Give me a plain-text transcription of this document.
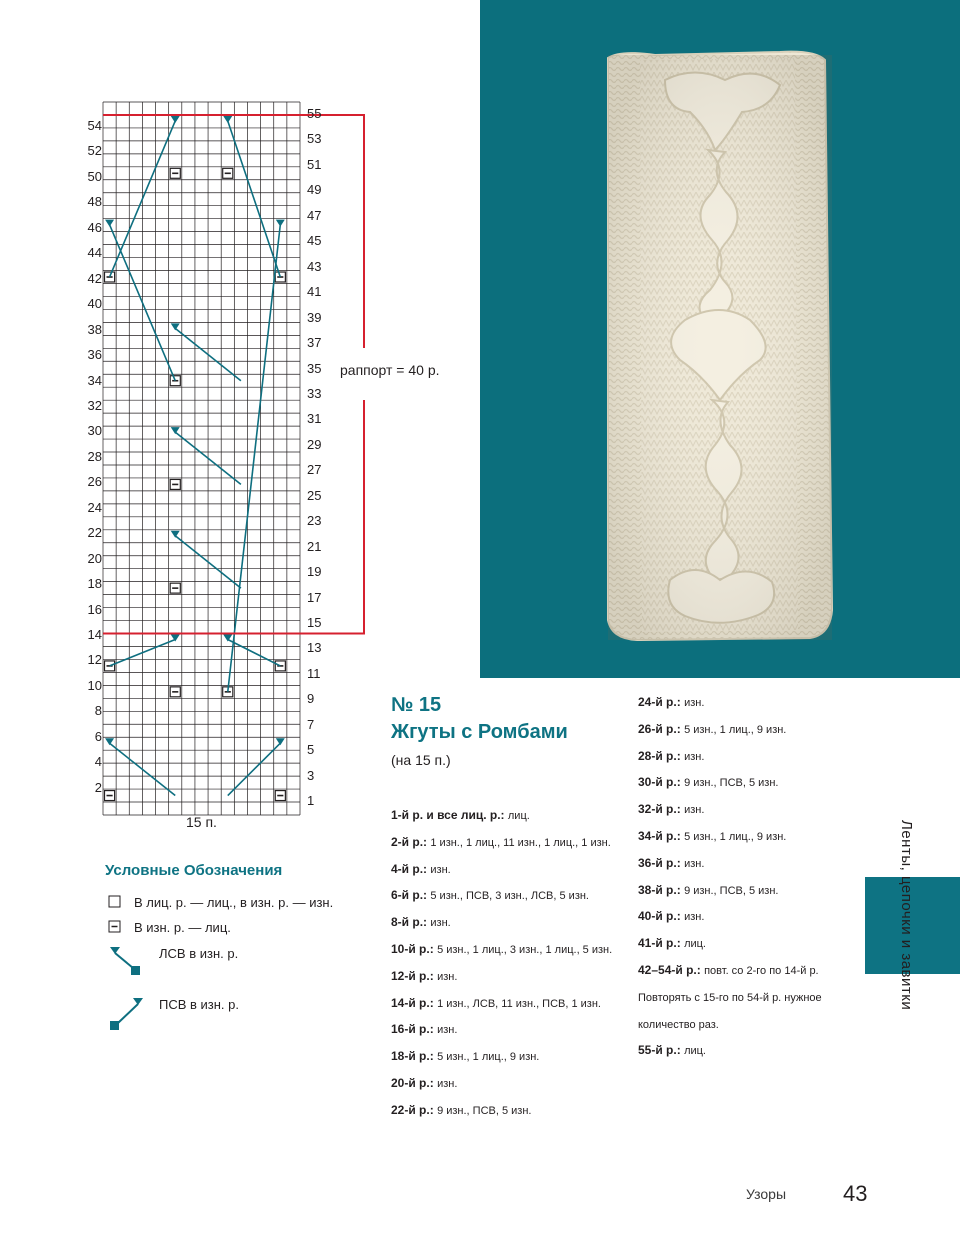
54
52
50
48
46
44
42
40
38
36
34
32
30
28
26
24
22
20
18
16
14
12
10
8
6
4
2
55
53
51
49
47
45
43
41
39
37
35
33
31
29
27
25
23
21
19
17
15
13
11
9
7
5
3
1
раппорт = 40 р.
15 п.
№ 15
Жгуты с Ромбами
(на 15 п.)
1-й р. и все лиц. р.: лиц.
2-й р.: 1 изн., 1 лиц., 11 изн., 1 лиц., 1 изн.
4-й р.: изн.
6-й р.: 5 изн., ПСВ, 3 изн., ЛСВ, 5 изн.
8-й р.: изн.
10-й р.: 5 изн., 1 лиц., 3 изн., 1 лиц., 5 изн.
12-й р.: изн.
14-й р.: 1 изн., ЛСВ, 11 изн., ПСВ, 1 изн.
16-й р.: изн.
18-й р.: 5 изн., 1 лиц., 9 изн.
20-й р.: изн.
22-й р.: 9 изн., ПСВ, 5 изн.
24-й р.: изн.
26-й р.: 5 изн., 1 лиц., 9 изн.
28-й р.: изн.
30-й р.: 9 изн., ПСВ, 5 изн.
32-й р.: изн.
34-й р.: 5 изн., 1 лиц., 9 изн.
36-й р.: изн.
38-й р.: 9 изн., ПСВ, 5 изн.
40-й р.: изн.
41-й р.: лиц.
42–54-й р.: повт. со 2-го по 14-й р.
Повторять с 15-го по 54-й р. нужное
количество раз.
55-й р.: лиц.
Условные Обозначения
В лиц. р. — лиц., в изн. р. — изн.
В изн. р. — лиц.
ЛСВ в изн. р.
ПСВ в изн. р.	Ленты, цепочки и завитки
Узоры	43
